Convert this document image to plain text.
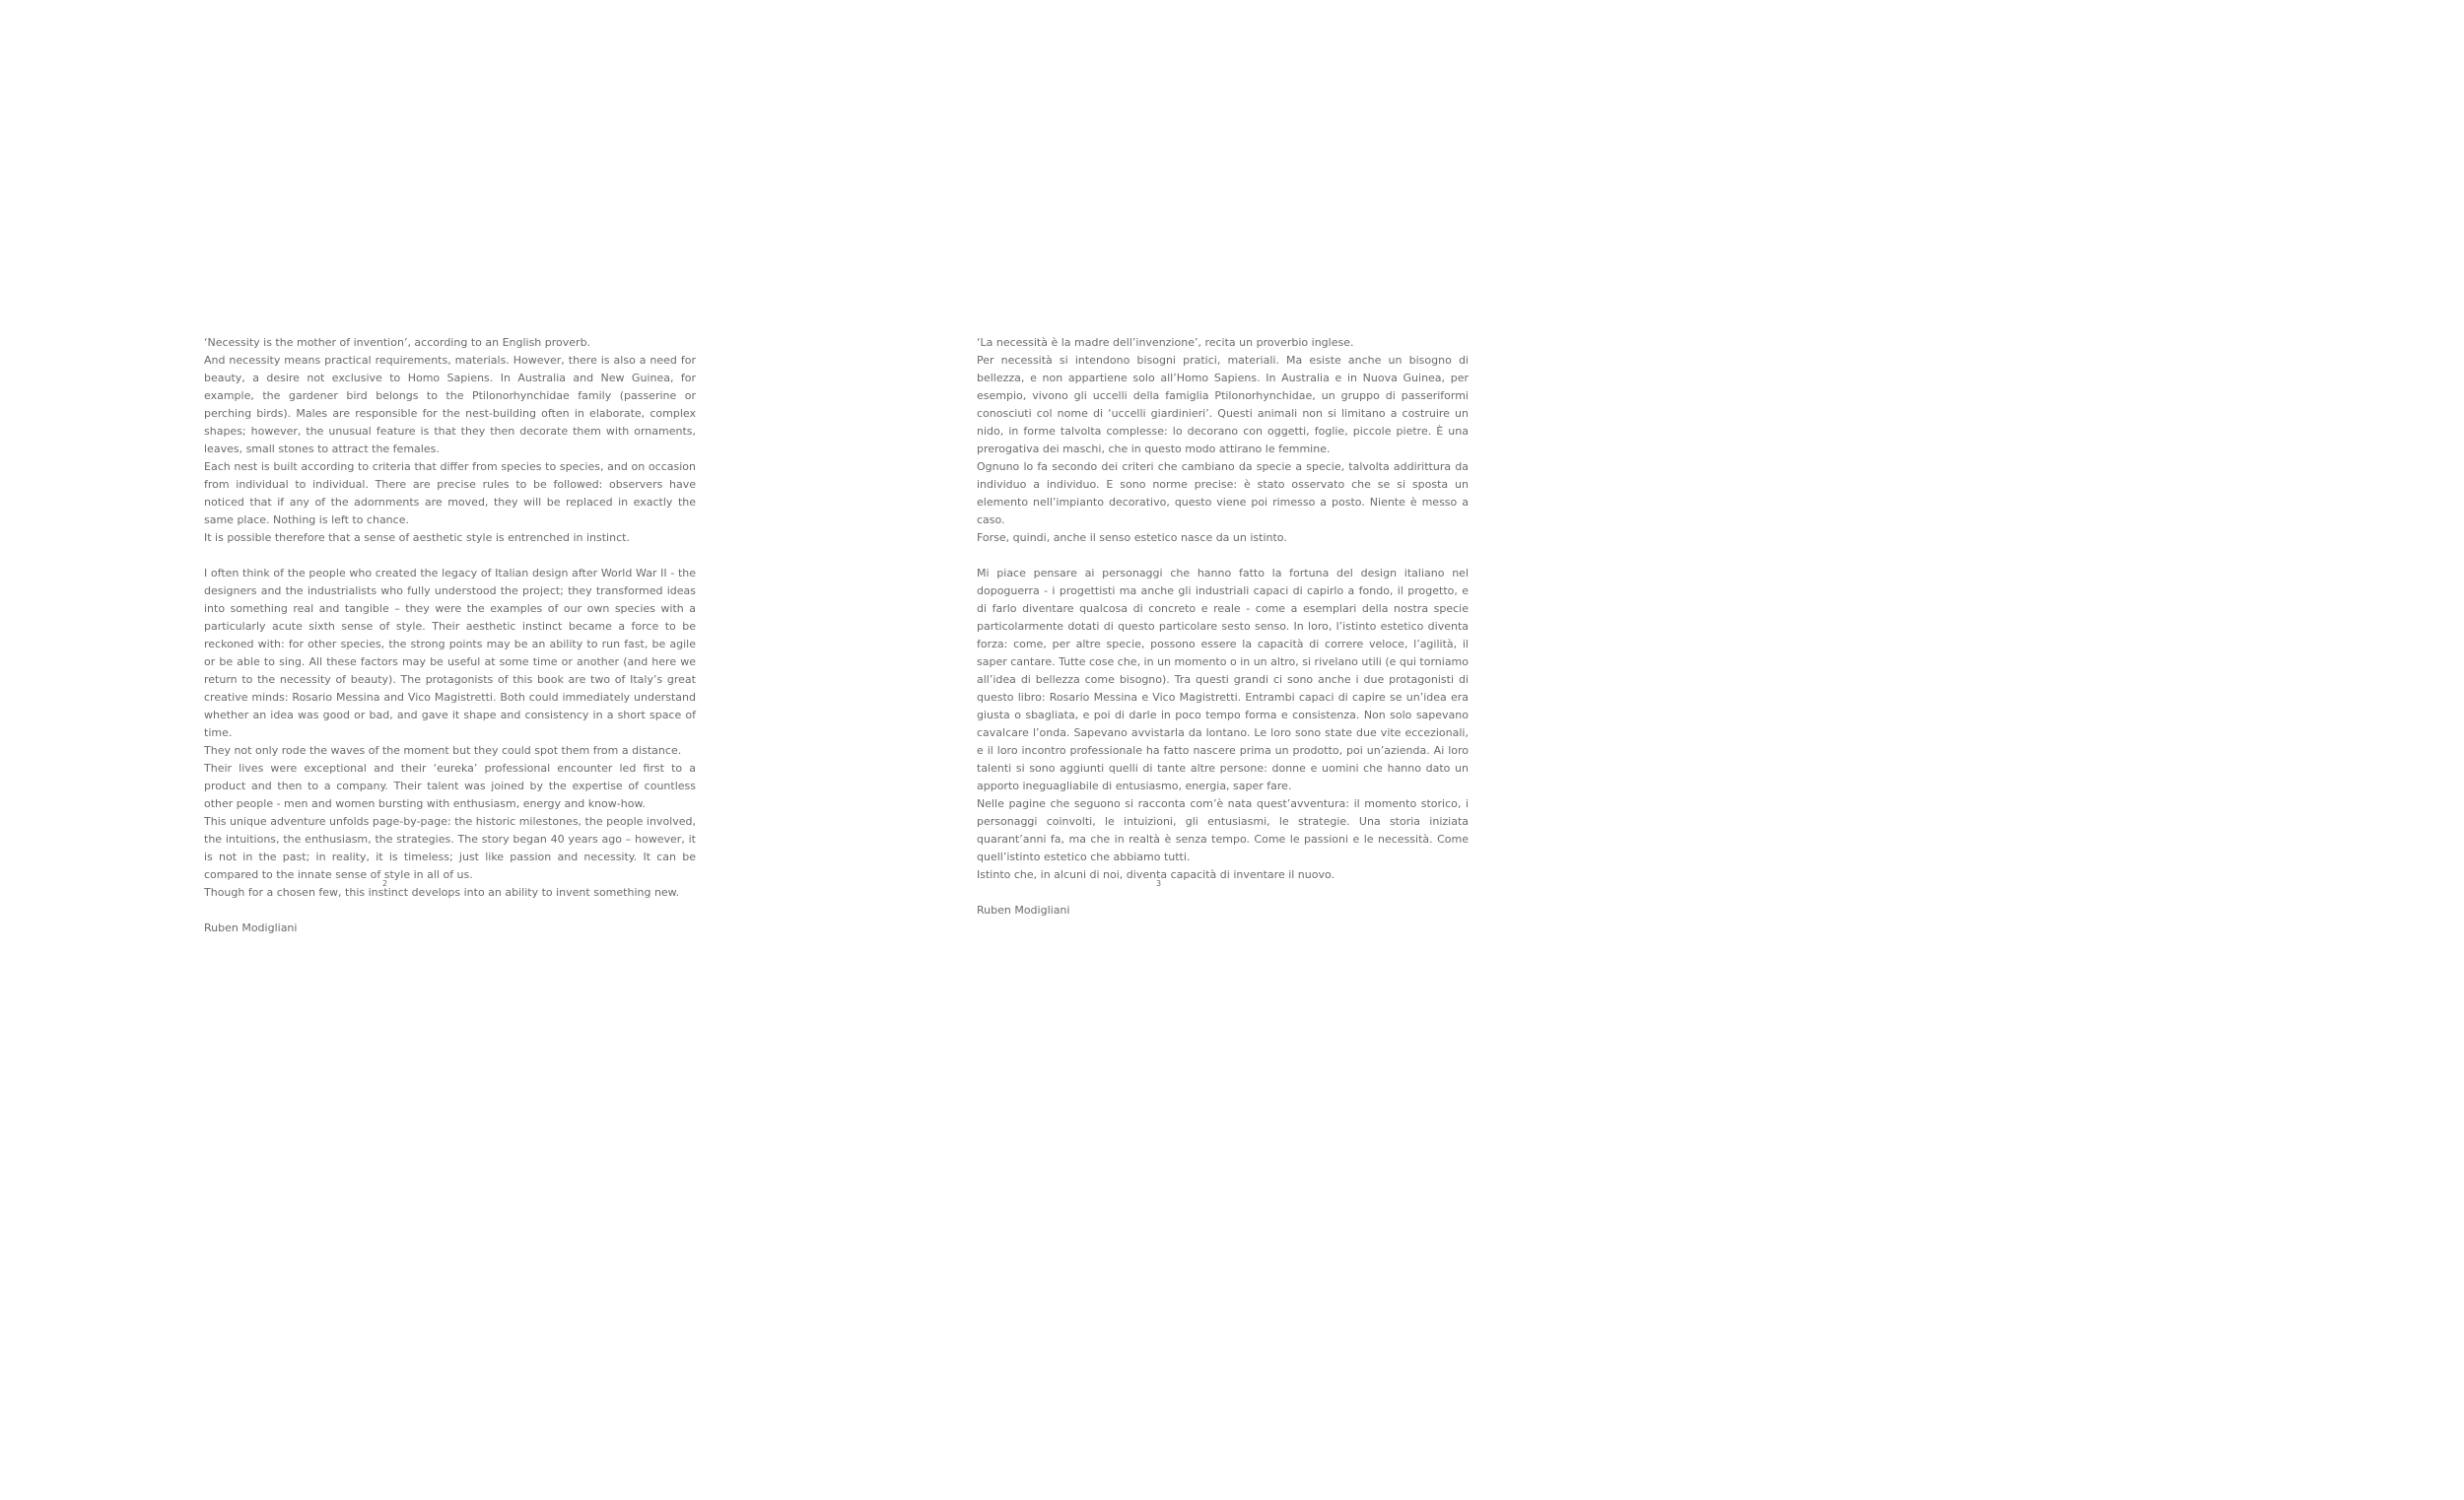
‘Necessity is the mother of invention’, according to an English proverb.

And necessity means practical requirements, materials. However, there is also a need for beauty, a desire not exclusive to Homo Sapiens. In Australia and New Guinea, for example, the gardener bird belongs to the Ptilonorhynchidae family (passerine or perching birds). Males are responsible for the nest-building often in elaborate, complex shapes; however, the unusual feature is that they then decorate them with ornaments, leaves, small stones to attract the females.

Each nest is built according to criteria that differ from species to species, and on occasion from individual to individual. There are precise rules to be followed: observers have noticed that if any of the adornments are moved, they will be replaced in exactly the same place. Nothing is left to chance.

It is possible therefore that a sense of aesthetic style is entrenched in instinct.

I often think of the people who created the legacy of Italian design after World War II - the designers and the industrialists who fully understood the project; they transformed ideas into something real and tangible – they were the examples of our own species with a particularly acute sixth sense of style. Their aesthetic instinct became a force to be reckoned with: for other species, the strong points may be an ability to run fast, be agile or be able to sing. All these factors may be useful at some time or another (and here we return to the necessity of beauty). The protagonists of this book are two of Italy’s great creative minds: Rosario Messina and Vico Magistretti. Both could immediately understand whether an idea was good or bad, and gave it shape and consistency in a short space of time.

They not only rode the waves of the moment but they could spot them from a distance.

Their lives were exceptional and their ‘eureka’ professional encounter led first to a product and then to a company. Their talent was joined by the expertise of countless other people - men and women bursting with enthusiasm, energy and know-how.

This unique adventure unfolds page-by-page: the historic milestones, the people involved, the intuitions, the enthusiasm, the strategies. The story began 40 years ago – however, it is not in the past; in reality, it is timeless; just like passion and necessity. It can be compared to the innate sense of style in all of us.

Though for a chosen few, this instinct develops into an ability to invent something new.

Ruben Modigliani

2

‘La necessità è la madre dell’invenzione’, recita un proverbio inglese.

Per necessità si intendono bisogni pratici, materiali. Ma esiste anche un bisogno di bellezza, e non appartiene solo all’Homo Sapiens. In Australia e in Nuova Guinea, per esempio, vivono gli uccelli della famiglia Ptilonorhynchidae, un gruppo di passeriformi conosciuti col nome di ‘uccelli giardinieri’. Questi animali non si limitano a costruire un nido, in forme talvolta complesse: lo decorano con oggetti, foglie, piccole pietre. È una prerogativa dei maschi, che in questo modo attirano le femmine.

Ognuno lo fa secondo dei criteri che cambiano da specie a specie, talvolta addirittura da individuo a individuo. E sono norme precise: è stato osservato che se si sposta un elemento nell’impianto decorativo, questo viene poi rimesso a posto. Niente è messo a caso.

Forse, quindi, anche il senso estetico nasce da un istinto.

Mi piace pensare ai personaggi che hanno fatto la fortuna del design italiano nel dopoguerra - i progettisti ma anche gli industriali capaci di capirlo a fondo, il progetto, e di farlo diventare qualcosa di concreto e reale - come a esemplari della nostra specie particolarmente dotati di questo particolare sesto senso. In loro, l’istinto estetico diventa forza: come, per altre specie, possono essere la capacità di correre veloce, l’agilità, il saper cantare. Tutte cose che, in un momento o in un altro, si rivelano utili (e qui torniamo all’idea di bellezza come bisogno). Tra questi grandi ci sono anche i due protagonisti di questo libro: Rosario Messina e Vico Magistretti. Entrambi capaci di capire se un’idea era giusta o sbagliata, e poi di darle in poco tempo forma e consistenza. Non solo sapevano cavalcare l’onda. Sapevano avvistarla da lontano. Le loro sono state due vite eccezionali, e il loro incontro professionale ha fatto nascere prima un prodotto, poi un’azienda. Ai loro talenti si sono aggiunti quelli di tante altre persone: donne e uomini che hanno dato un apporto ineguagliabile di entusiasmo, energia, saper fare.

Nelle pagine che seguono si racconta com’è nata quest’avventura: il momento storico, i personaggi coinvolti, le intuizioni, gli entusiasmi, le strategie. Una storia iniziata quarant’anni fa, ma che in realtà è senza tempo. Come le passioni e le necessità. Come quell’istinto estetico che abbiamo tutti.

Istinto che, in alcuni di noi, diventa capacità di inventare il nuovo.

Ruben Modigliani

3
